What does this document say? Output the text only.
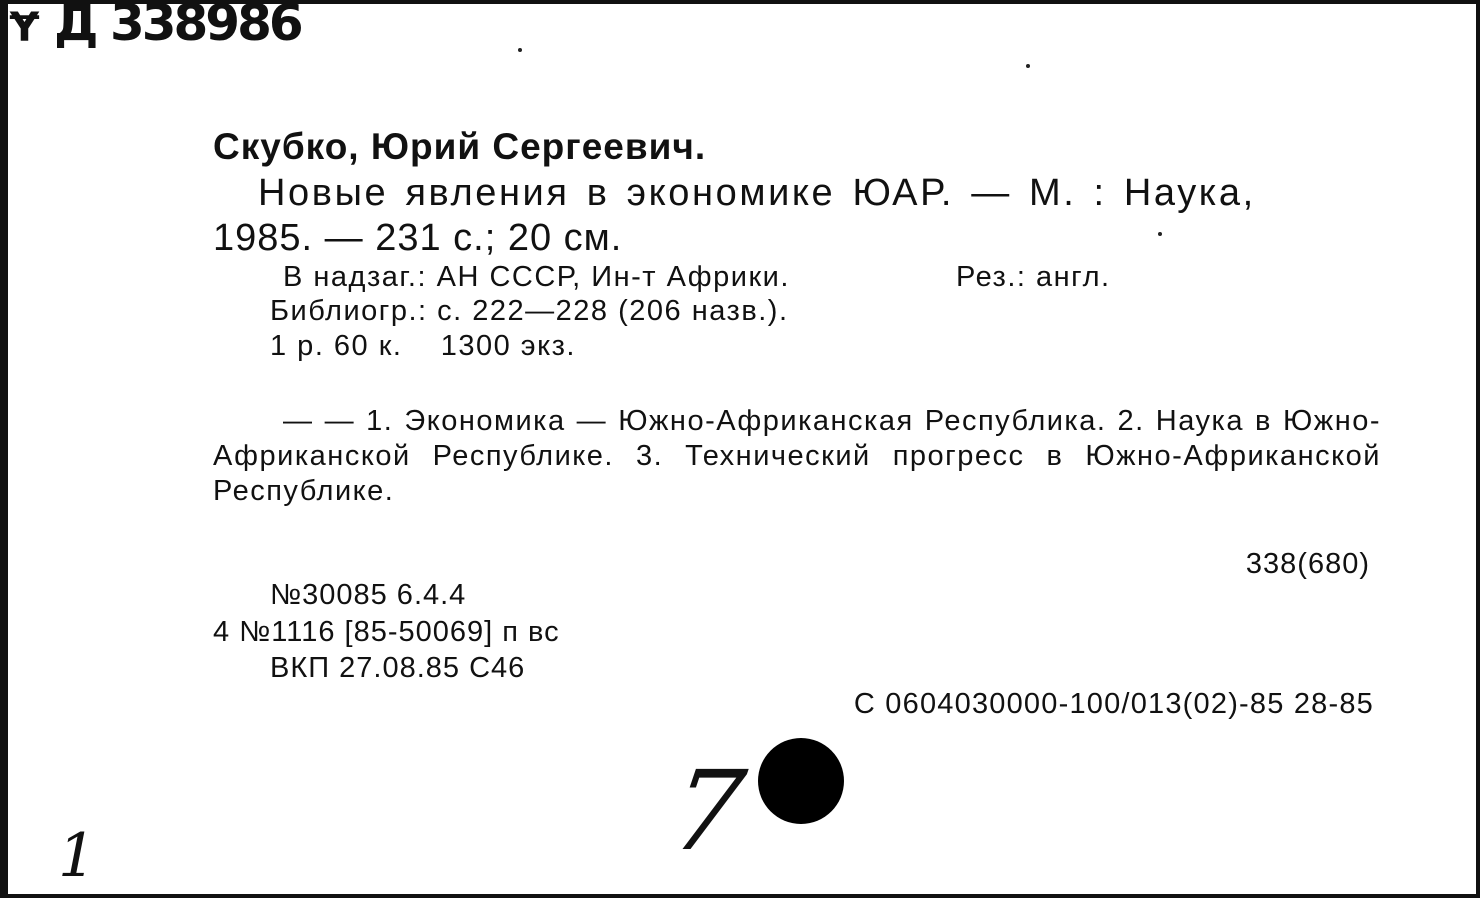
Ɏ Д 338986
Скубко, Юрий Сергеевич.
Новые явления в экономике ЮАР. — М. : Наука,
1985. — 231 с.; 20 см.
В надзаг.: АН СССР, Ин-т Африки.	Рез.: англ.
Библиогр.: с. 222—228 (206 назв.).
1 р. 60 к.    1300 экз.
— — 1. Экономика — Южно-Африканская Республика. 2. Наука в Южно-Африканской Республике. 3. Технический прогресс в Южно-Африканской Республике.
338(680)
№30085 6.4.4
4 №1116 [85-50069] п вс
ВКП 27.08.85 С46
С 0604030000-100/013(02)-85 28-85
1	7
